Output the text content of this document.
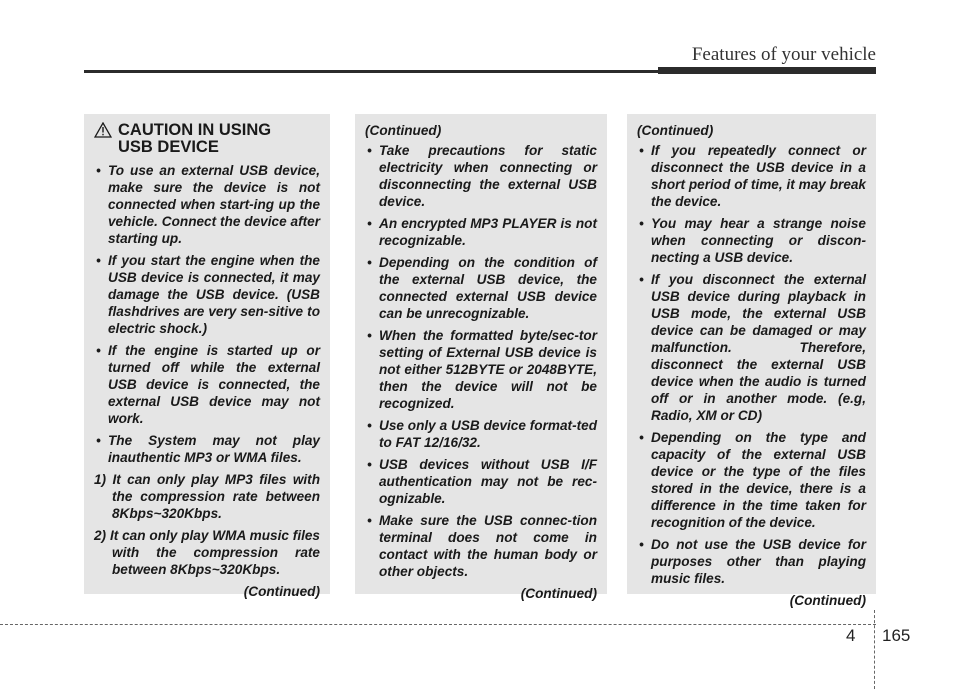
Features of your vehicle
CAUTION IN USING
USB DEVICE
• To use an external USB device, make sure the device is not connected when start-ing up the vehicle. Connect the device after starting up.
• If you start the engine when the USB device is connected, it may damage the USB device. (USB flashdrives are very sen-sitive to electric shock.)
• If the engine is started up or turned off while the external USB device is connected, the external USB device may not work.
• The System may not play inauthentic MP3 or WMA files.
1) It can only play MP3 files with the compression rate between 8Kbps~320Kbps.
2) It can only play WMA music files with the compression rate between 8Kbps~320Kbps.
(Continued)
(Continued)
• Take precautions for static electricity when connecting or disconnecting the external USB device.
• An encrypted MP3 PLAYER is not recognizable.
• Depending on the condition of the external USB device, the connected external USB device can be unrecognizable.
• When the formatted byte/sec-tor setting of External USB device is not either 512BYTE or 2048BYTE, then the device will not be recognized.
• Use only a USB device format-ted to FAT 12/16/32.
• USB devices without USB I/F authentication may not be rec-ognizable.
• Make sure the USB connec-tion terminal does not come in contact with the human body or other objects.
(Continued)
(Continued)
• If you repeatedly connect or disconnect the USB device in a short period of time, it may break the device.
• You may hear a strange noise when connecting or discon-necting a USB device.
• If you disconnect the external USB device during playback in USB mode, the external USB device can be damaged or may malfunction. Therefore, disconnect the external USB device when the audio is turned off or in another mode. (e.g, Radio, XM or CD)
• Depending on the type and capacity of the external USB device or the type of the files stored in the device, there is a difference in the time taken for recognition of the device.
• Do not use the USB device for purposes other than playing music files.
(Continued)
4 165
